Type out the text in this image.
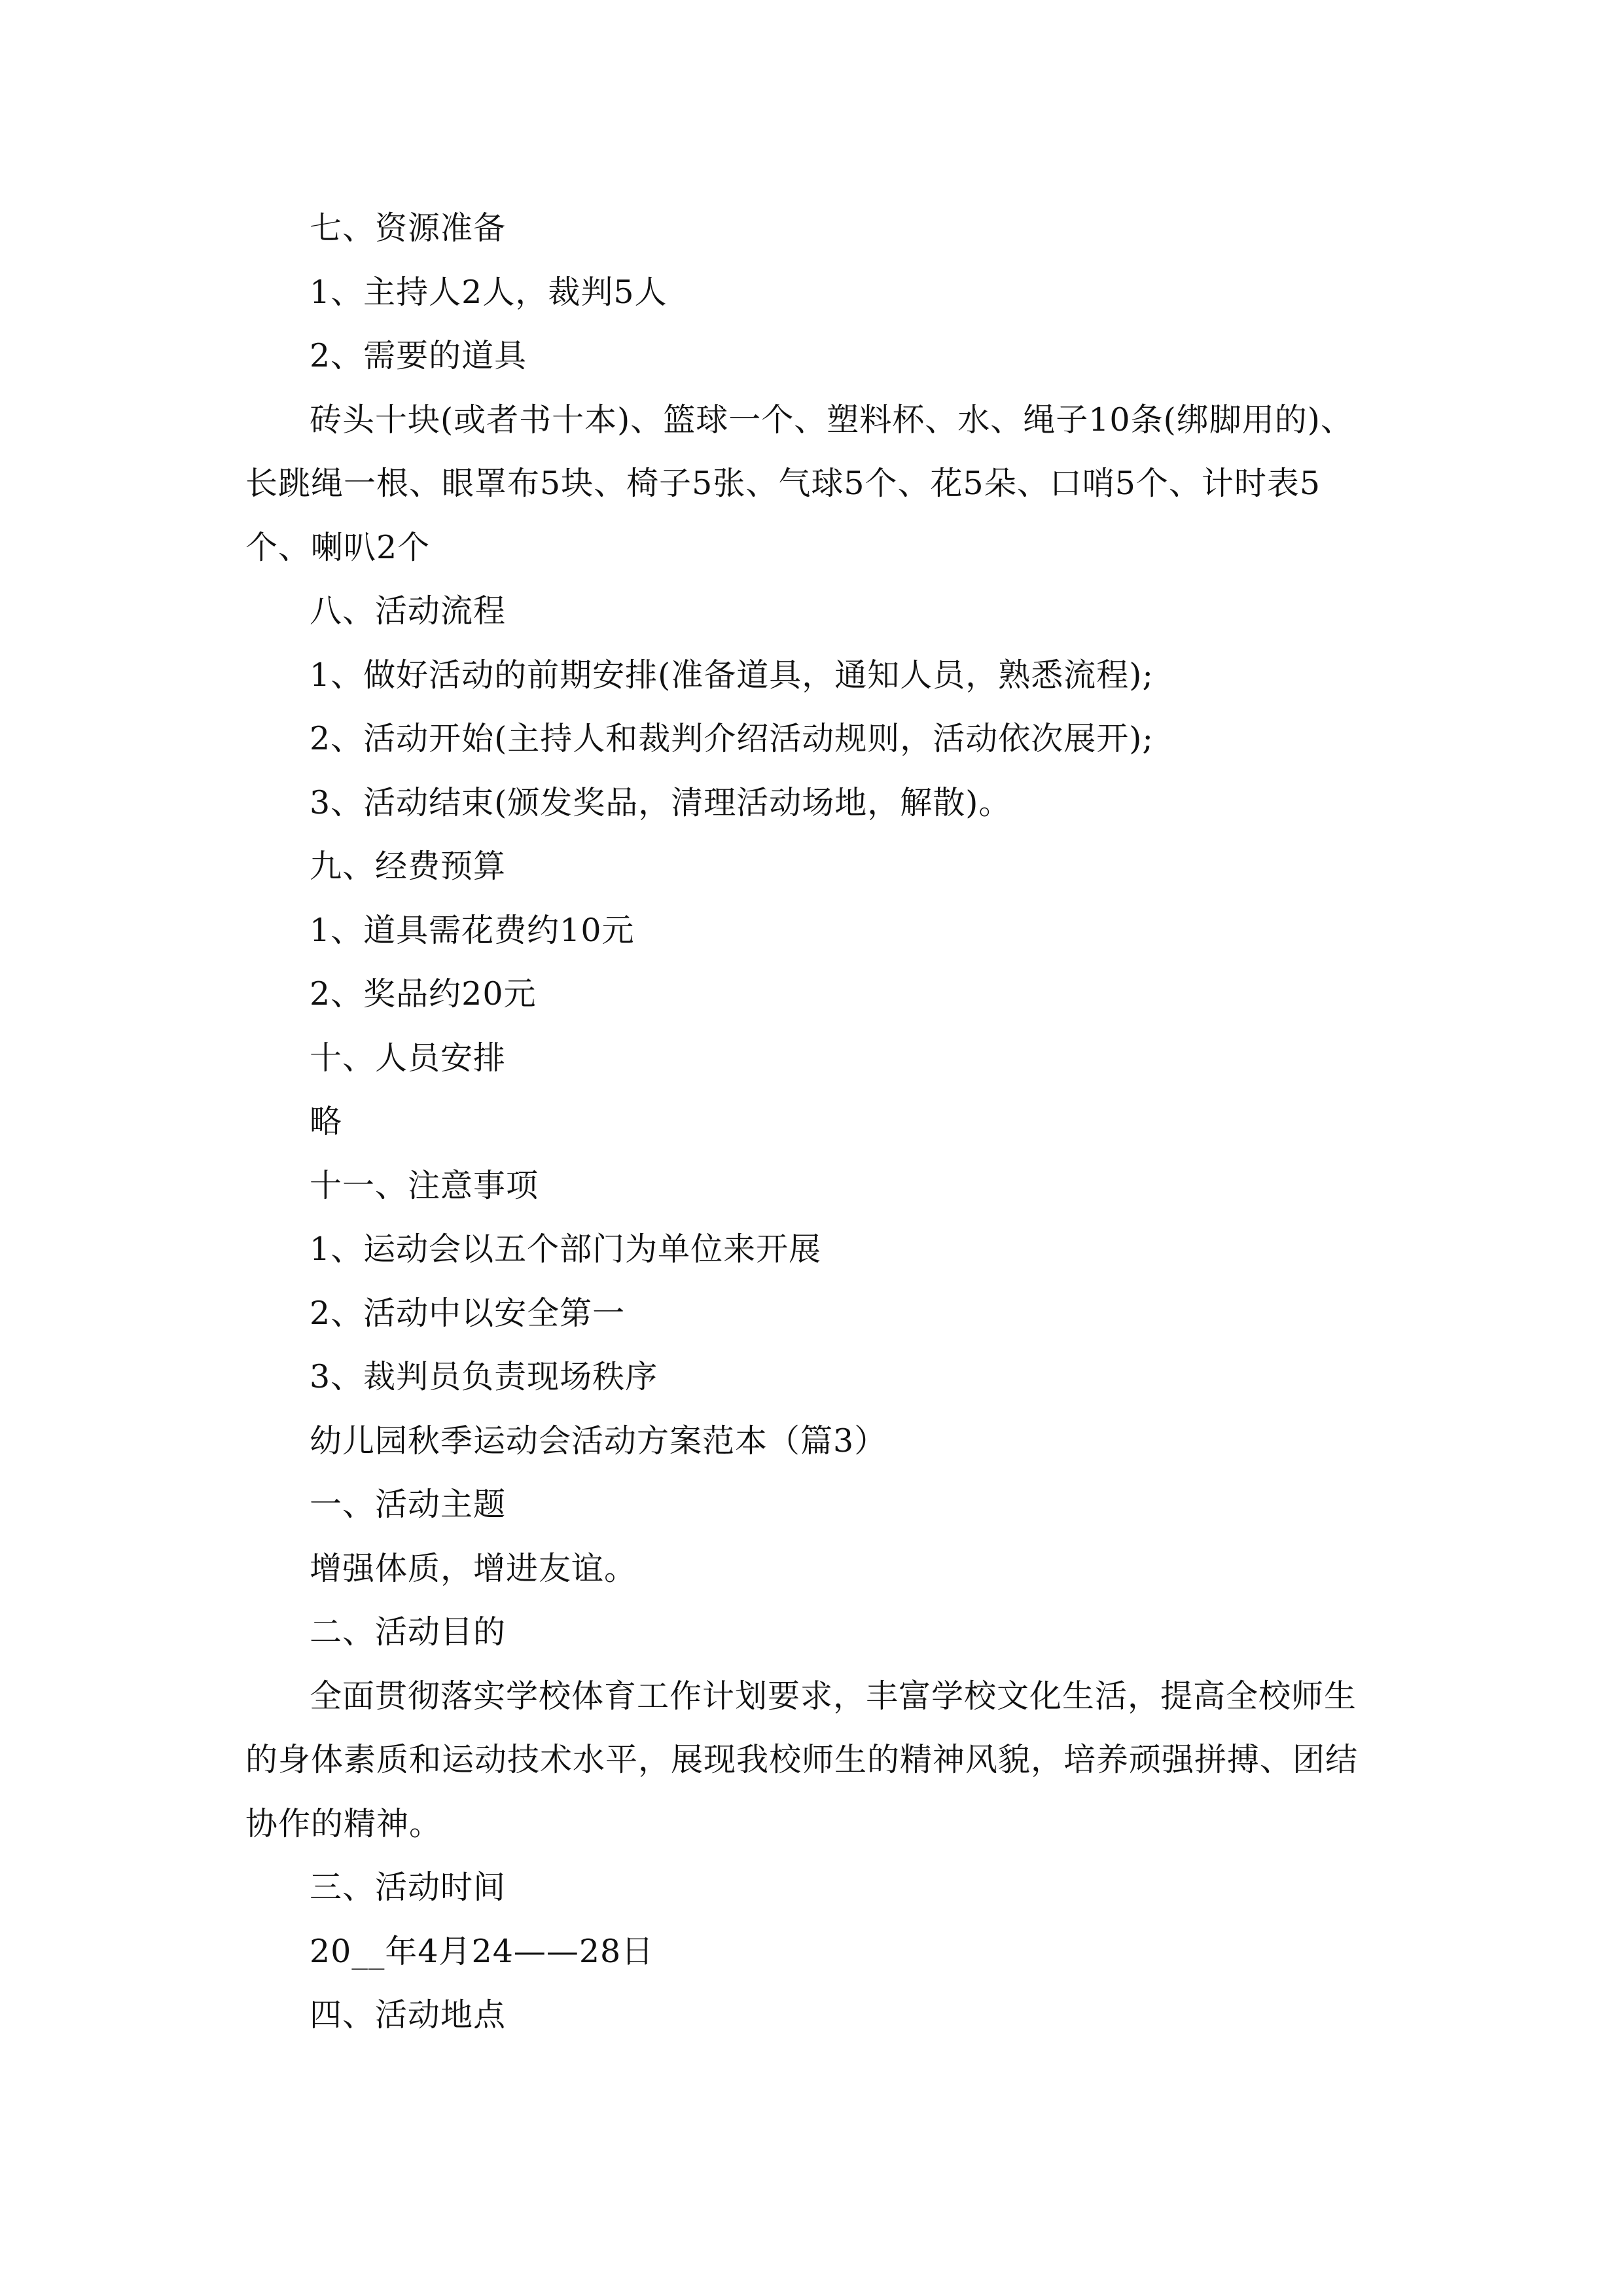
七、资源准备

1、主持人2人，裁判5人

2、需要的道具

砖头十块(或者书十本)、篮球一个、塑料杯、水、绳子10条(绑脚用的)、长跳绳一根、眼罩布5块、椅子5张、气球5个、花5朵、口哨5个、计时表5个、喇叭2个

八、活动流程

1、做好活动的前期安排(准备道具，通知人员，熟悉流程);

2、活动开始(主持人和裁判介绍活动规则，活动依次展开);

3、活动结束(颁发奖品，清理活动场地，解散)。

九、经费预算

1、道具需花费约10元

2、奖品约20元

十、人员安排

略

十一、注意事项

1、运动会以五个部门为单位来开展

2、活动中以安全第一

3、裁判员负责现场秩序

幼儿园秋季运动会活动方案范本（篇3）

一、活动主题

增强体质，增进友谊。

二、活动目的

全面贯彻落实学校体育工作计划要求，丰富学校文化生活，提高全校师生的身体素质和运动技术水平，展现我校师生的精神风貌，培养顽强拼搏、团结协作的精神。

三、活动时间

20__年4月24——28日

四、活动地点
